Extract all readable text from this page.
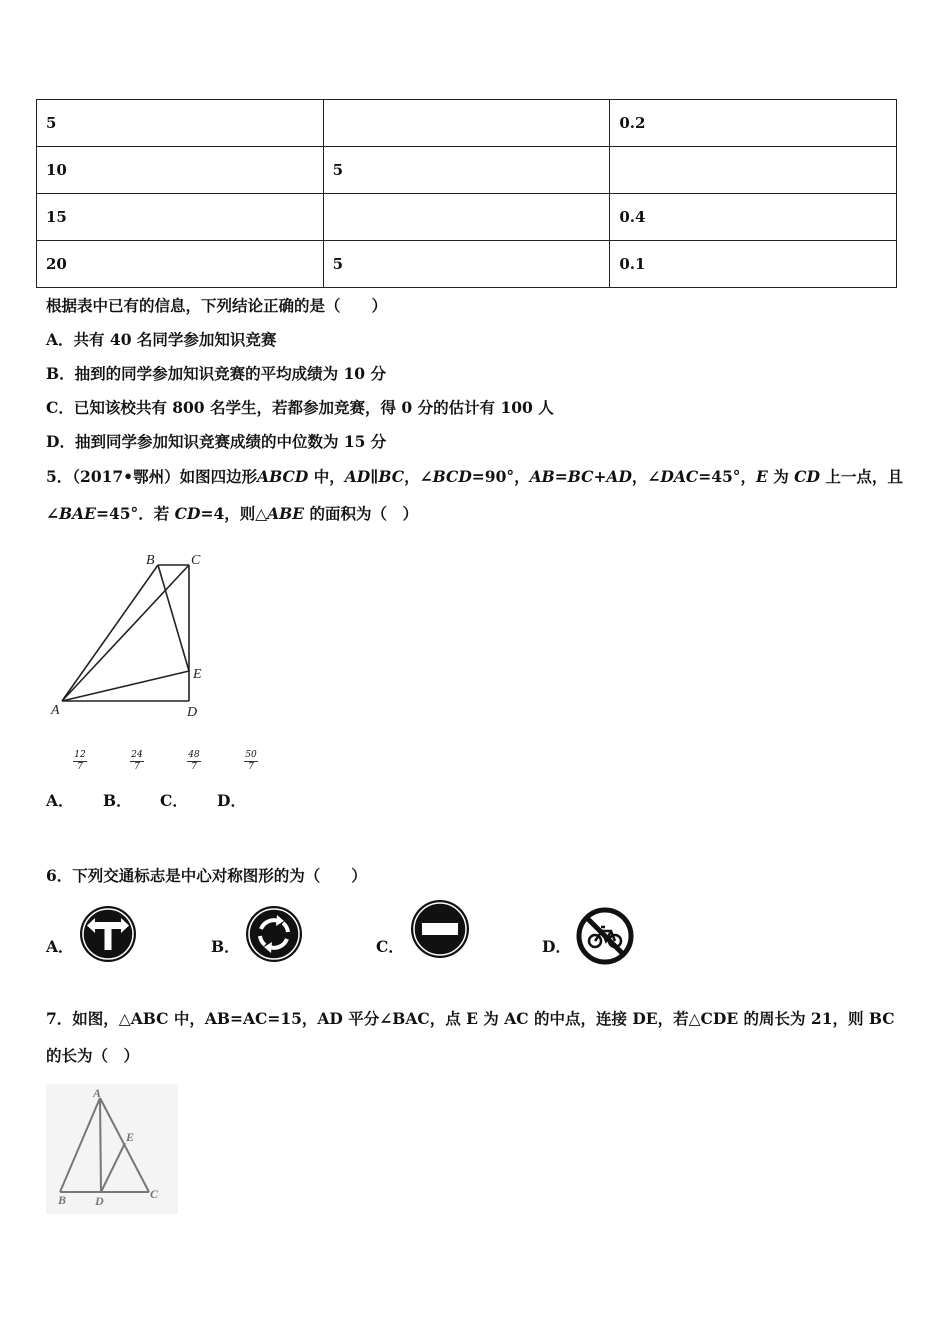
5		0.2
10	5	
15		0.4
20	5	0.1
根据表中已有的信息，下列结论正确的是（　　）
A．共有 40 名同学参加知识竞赛
B．抽到的同学参加知识竞赛的平均成绩为 10 分
C．已知该校共有 800 名学生，若都参加竞赛，得 0 分的估计有 100 人
D．抽到同学参加知识竞赛成绩的中位数为 15 分
5．（2017•鄂州）如图四边形ABCD 中，AD∥BC，∠BCD=90°，AB=BC+AD，∠DAC=45°，E 为 CD 上一点，且
∠BAE=45°．若 CD=4，则△ABE 的面积为（　）
B	C
E
A	D
$\frac{12}{7}$	$\frac{24}{7}$	$\frac{48}{7}$	$\frac{50}{7}$
A． B． C． D．
6．下列交通标志是中心对称图形的为（　　）
A．	B．	C．	D．
7．如图，△ABC 中，AB=AC=15，AD 平分∠BAC，点 E 为 AC 的中点，连接 DE，若△CDE 的周长为 21，则 BC
的长为（　）
A
E
B D	C
